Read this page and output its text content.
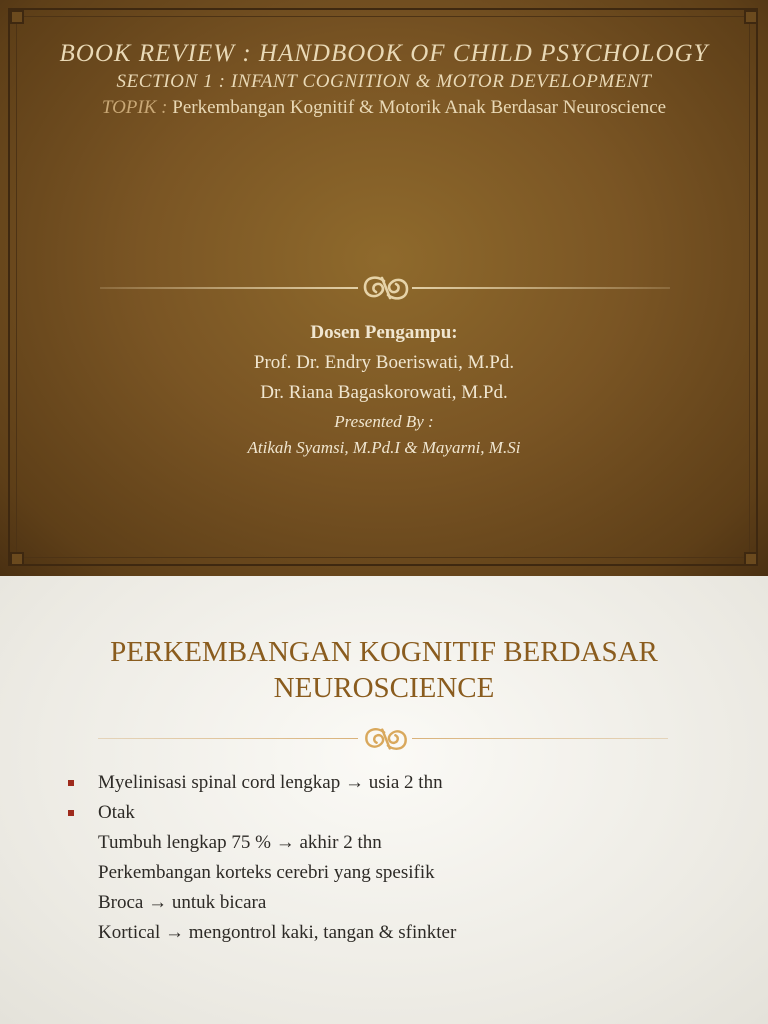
BOOK REVIEW : HANDBOOK OF CHILD PSYCHOLOGY
SECTION 1 : INFANT COGNITION & MOTOR DEVELOPMENT
TOPIK : Perkembangan Kognitif & Motorik Anak Berdasar Neuroscience
Dosen Pengampu:
Prof. Dr. Endry Boeriswati, M.Pd.
Dr. Riana Bagaskorowati, M.Pd.
Presented By :
Atikah Syamsi, M.Pd.I & Mayarni, M.Si
PERKEMBANGAN KOGNITIF BERDASAR
NEUROSCIENCE
Myelinisasi spinal cord lengkap → usia 2 thn
Otak
Tumbuh lengkap 75 % → akhir 2 thn
Perkembangan korteks cerebri yang spesifik
Broca → untuk bicara
Kortical → mengontrol kaki, tangan & sfinkter
